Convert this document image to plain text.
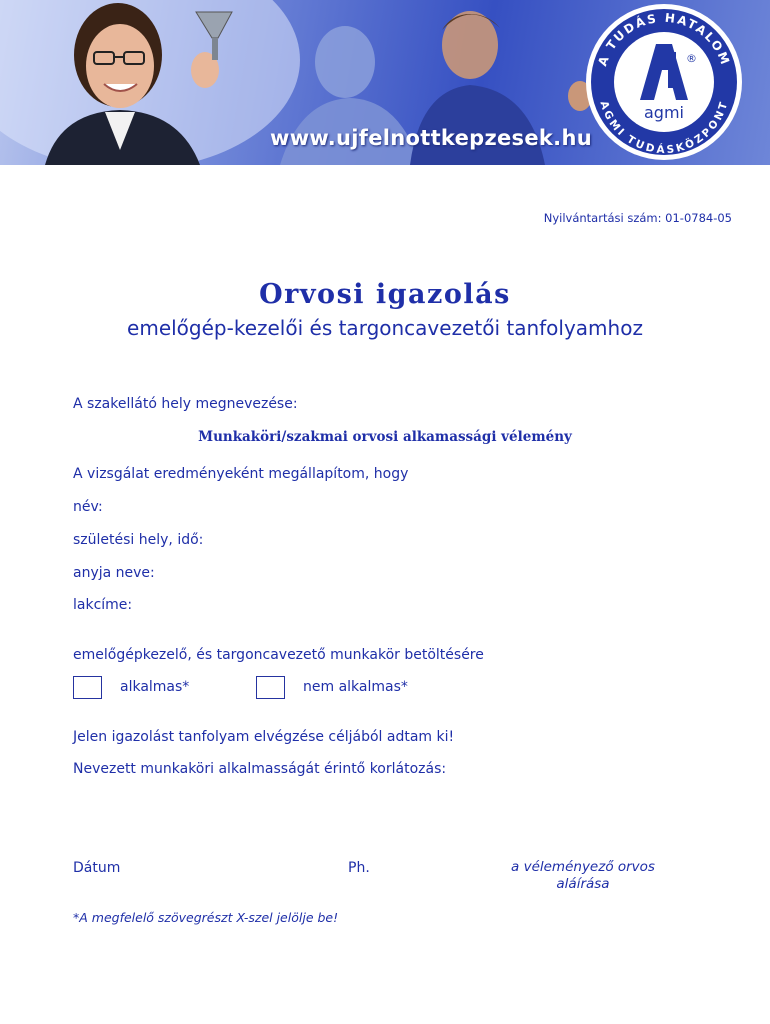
A TUDÁS HATALOM
AGMI TUDÁSKÖZPONT
®
agmi
www.ujfelnottkepzesek.hu
Nyilvántartási szám: 01-0784-05
Orvosi igazolás
emelőgép-kezelői és targoncavezetői tanfolyamhoz
A szakellátó hely megnevezése:
Munkaköri/szakmai orvosi alkamassági vélemény
A vizsgálat eredményeként megállapítom, hogy
név:
születési hely, idő:
anyja neve:
lakcíme:
emelőgépkezelő, és targoncavezető munkakör betöltésére
alkalmas*	nem alkalmas*
Jelen igazolást tanfolyam elvégzése céljából adtam ki!
Nevezett munkaköri alkalmasságát érintő korlátozás:
Dátum	Ph.	a véleményező orvos aláírása
*A megfelelő szövegrészt X-szel jelölje be!
